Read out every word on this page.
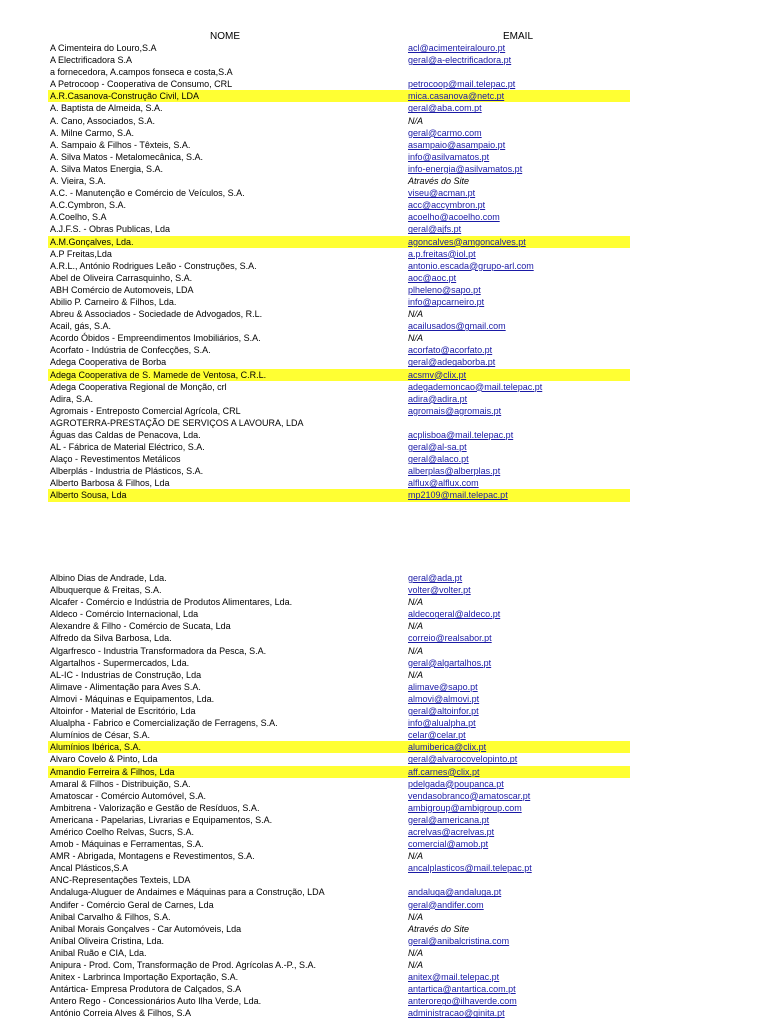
NOME	EMAIL
A Cimenteira do Louro,S.A	acl@acimenteiralouro.pt
A Electrificadora S.A	geral@a-electrificadora.pt
a fornecedora, A.campos fonseca e costa,S.A
A Petrocoop - Cooperativa de Consumo, CRL	petrocoop@mail.telepac.pt
A.R.Casanova-Construção Civil, LDA	mica.casanova@netc.pt
A. Baptista de Almeida, S.A.	geral@aba.com.pt
A. Cano, Associados, S.A.	N/A
A. Milne Carmo, S.A.	geral@carmo.com
A. Sampaio & Filhos - Têxteis, S.A.	asampaio@asampaio.pt
A. Silva Matos - Metalomecânica, S.A.	info@asilvamatos.pt
A. Silva Matos Energia, S.A.	info-energia@asilvamatos.pt
A. Vieira, S.A.	Através do Site
A.C. - Manutenção e Comércio de Veículos, S.A.	viseu@acman.pt
A.C.Cymbron, S.A.	acc@accymbron.pt
A.Coelho, S.A	acoelho@acoelho.com
A.J.F.S. - Obras Publicas, Lda	geral@ajfs.pt
A.M.Gonçalves, Lda.	agoncalves@amgoncalves.pt
A.P Freitas,Lda	a.p.freitas@iol.pt
A.R.L., António Rodrigues Leão - Construções, S.A.	antonio.escada@grupo-arl.com
Abel de Oliveira Carrasquinho, S.A.	aoc@aoc.pt
ABH Comércio de Automoveis, LDA	plheleno@sapo.pt
Abilio P. Carneiro & Filhos, Lda.	info@apcarneiro.pt
Abreu & Associados - Sociedade de Advogados, R.L.	N/A
Acail, gás, S.A.	acailusados@gmail.com
Acordo Óbidos - Empreendimentos Imobiliários, S.A.	N/A
Acorfato - Indústria de Confecções, S.A.	acorfato@acorfato.pt
Adega Cooperativa de Borba	geral@adegaborba.pt
Adega Cooperativa de S. Mamede de Ventosa, C.R.L.	acsmv@clix.pt
Adega Cooperativa Regional de Monção, crl	adegademoncao@mail.telepac.pt
Adira, S.A.	adira@adira.pt
Agromais - Entreposto Comercial Agrícola, CRL	agromais@agromais.pt
AGROTERRA-PRESTAÇÃO DE SERVIÇOS A LAVOURA, LDA
Águas das Caldas de Penacova, Lda.	acplisboa@mail.telepac.pt
AL - Fábrica de Material Eléctrico, S.A.	geral@al-sa.pt
Alaço - Revestimentos Metálicos	geral@alaco.pt
Alberplás - Industria de Plásticos, S.A.	alberplas@alberplas.pt
Alberto Barbosa & Filhos, Lda	alflux@alflux.com
Alberto Sousa, Lda	mp2109@mail.telepac.pt
Albino Dias de Andrade, Lda.	geral@ada.pt
Albuquerque & Freitas, S.A.	volter@volter.pt
Alcafer - Comércio e Indústria de Produtos Alimentares, Lda.	N/A
Aldeco - Comércio Internacional, Lda	aldecogeral@aldeco.pt
Alexandre & Filho - Comércio de Sucata, Lda	N/A
Alfredo da Silva Barbosa, Lda.	correio@realsabor.pt
Algarfresco - Industria Transformadora da Pesca, S.A.	N/A
Algartalhos - Supermercados, Lda.	geral@algartalhos.pt
AL-IC - Industrias de Construção, Lda	N/A
Alimave - Alimentação para Aves S.A.	alimave@sapo.pt
Almovi - Máquinas e Equipamentos, Lda.	almovi@almovi.pt
Altoinfor - Material de Escritório, Lda	geral@altoinfor.pt
Alualpha - Fabrico e Comercialização de Ferragens, S.A.	info@alualpha.pt
Alumínios de César, S.A.	celar@celar.pt
Alumínios Ibérica, S.A.	alumiberica@clix.pt
Alvaro Covelo & Pinto, Lda	geral@alvarocovelopinto.pt
Amandio Ferreira & Filhos, Lda	aff.carnes@clix.pt
Amaral & Filhos - Distribuição, S.A.	pdelgada@poupanca.pt
Amatoscar - Comércio Automóvel, S.A.	vendasobranco@amatoscar.pt
Ambitrena - Valorização e Gestão de Resíduos, S.A.	ambigroup@ambigroup.com
Americana - Papelarias, Livrarias e Equipamentos, S.A.	geral@americana.pt
Américo Coelho Relvas, Sucrs, S.A.	acrelvas@acrelvas.pt
Amob - Máquinas e Ferramentas, S.A.	comercial@amob.pt
AMR - Abrigada, Montagens e Revestimentos, S.A.	N/A
Ancal Plásticos,S.A	ancalplasticos@mail.telepac.pt
ANC-Representações Texteis, LDA
Andaluga-Aluguer de Andaimes e Máquinas para a Construção, LDA	andaluga@andaluga.pt
Andifer - Comércio Geral de Carnes, Lda	geral@andifer.com
Anibal Carvalho & Filhos, S.A.	N/A
Anibal Morais Gonçalves - Car Automóveis, Lda	Através do Site
Aníbal Oliveira Cristina, Lda.	geral@anibalcristina.com
Anibal Ruão e CIA, Lda.	N/A
Anipura - Prod. Com, Transformação de Prod. Agrícolas A.-P., S.A.	N/A
Anitex - Larbrinca Importação Exportação, S.A.	anitex@mail.telepac.pt
Antártica- Empresa Produtora de Calçados, S.A	antartica@antartica.com.pt
Antero Rego - Concessionários Auto Ilha Verde, Lda.	anterorego@ilhaverde.com
António Correia Alves & Filhos, S.A	administracao@ginita.pt
